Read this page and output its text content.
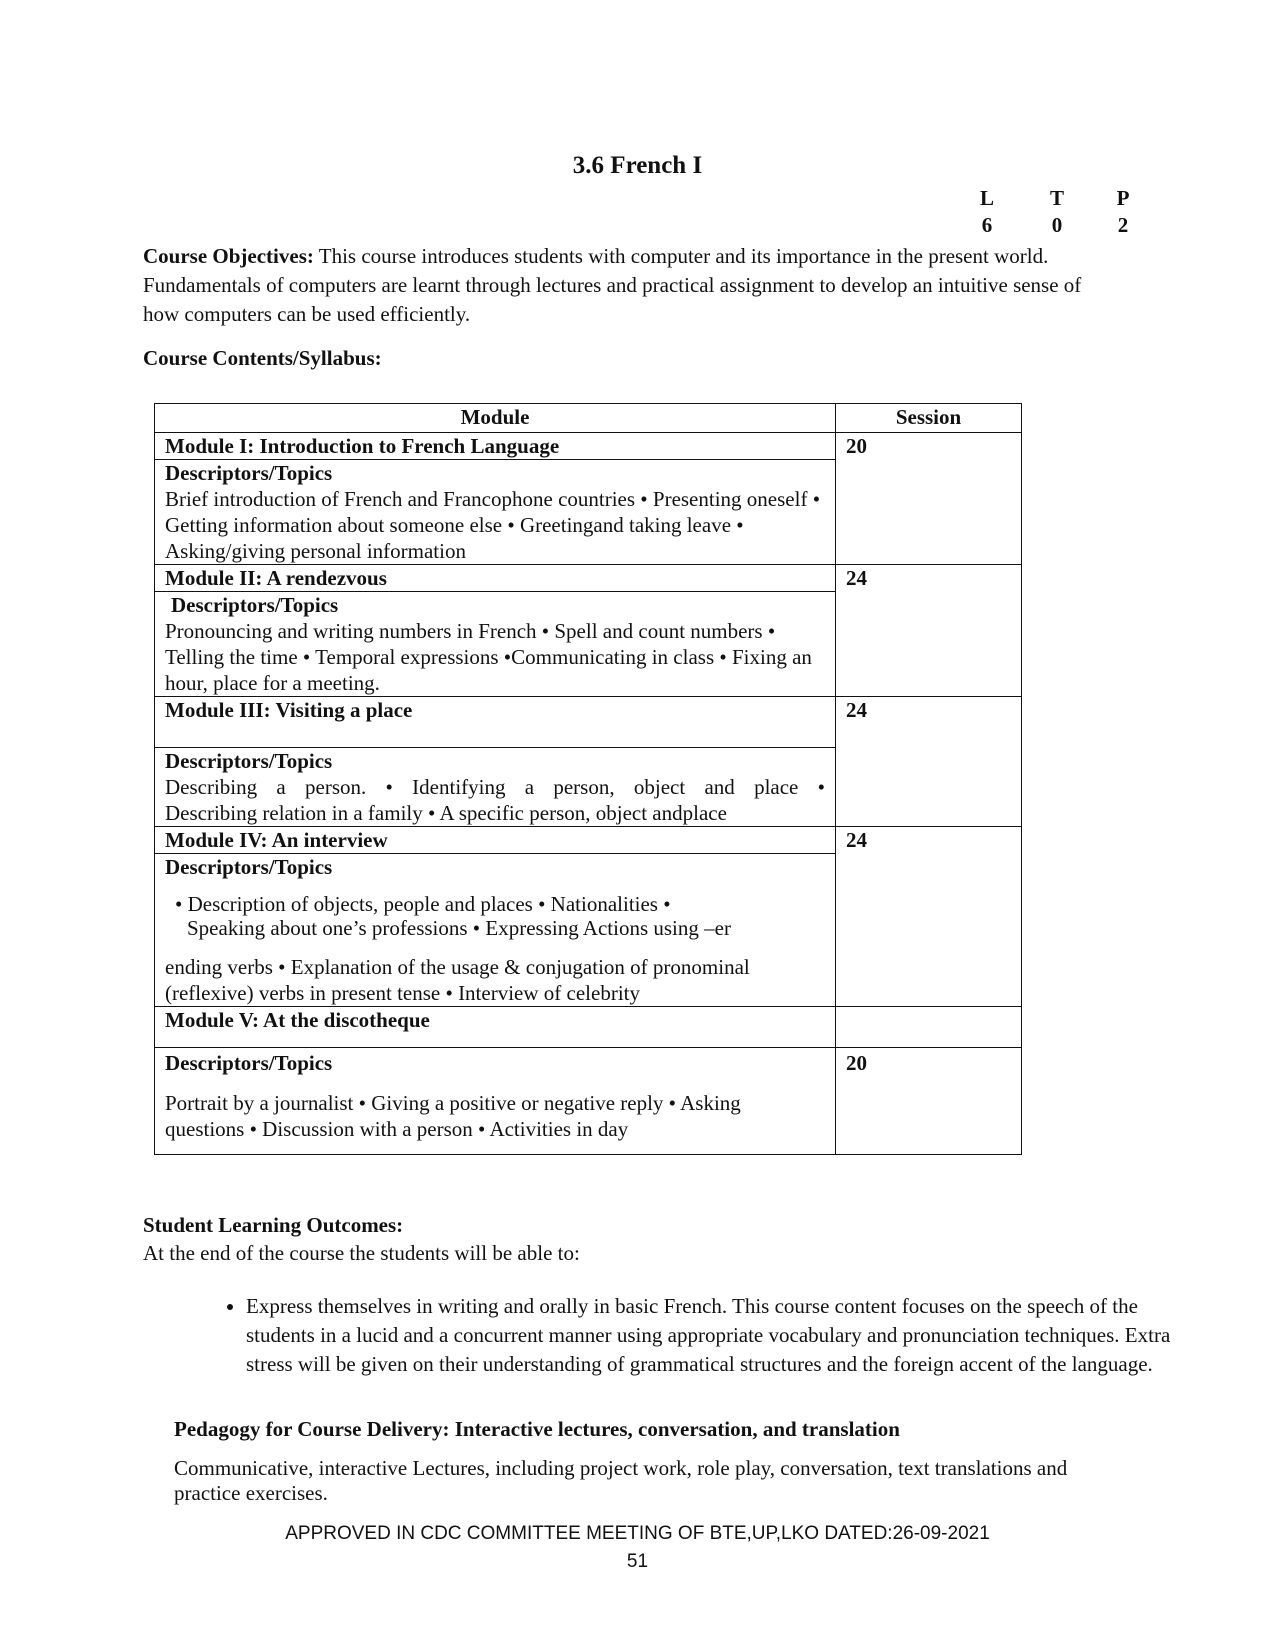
3.6 French I
L	T	P
6	0	2
Course Objectives: This course introduces students with computer and its importance in the present world. Fundamentals of computers are learnt through lectures and practical assignment to develop an intuitive sense of how computers can be used efficiently.
Course Contents/Syllabus:
Module	Session
Module I: Introduction to French Language	20

Descriptors/Topics
Brief introduction of French and Francophone countries • Presenting oneself • Getting information about someone else • Greetingand taking leave • Asking/giving personal information	

Module II: A rendezvous	24

Descriptors/Topics
Pronouncing and writing numbers in French • Spell and count numbers • Telling the time • Temporal expressions •Communicating in class • Fixing an hour, place for a meeting.	

Module III: Visiting a place	24

Descriptors/Topics
Describing a person. • Identifying a person, object and place •
Describing relation in a family • A specific person, object andplace	

Module IV: An interview	24

Descriptors/Topics
• Description of objects, people and places • Nationalities •
Speaking about one’s professions • Expressing Actions using –er
ending verbs • Explanation of the usage & conjugation of pronominal (reflexive) verbs in present tense • Interview of celebrity	

Module V: At the discotheque	

Descriptors/Topics
Portrait by a journalist • Giving a positive or negative reply • Asking questions • Discussion with a person • Activities in day	20
Student Learning Outcomes:
At the end of the course the students will be able to:
• Express themselves in writing and orally in basic French. This course content focuses on the speech of the students in a lucid and a concurrent manner using appropriate vocabulary and pronunciation techniques. Extra stress will be given on their understanding of grammatical structures and the foreign accent of the language.
Pedagogy for Course Delivery: Interactive lectures, conversation, and translation
Communicative, interactive Lectures, including project work, role play, conversation, text translations and practice exercises.
APPROVED IN CDC COMMITTEE MEETING OF BTE,UP,LKO DATED:26-09-2021
51
